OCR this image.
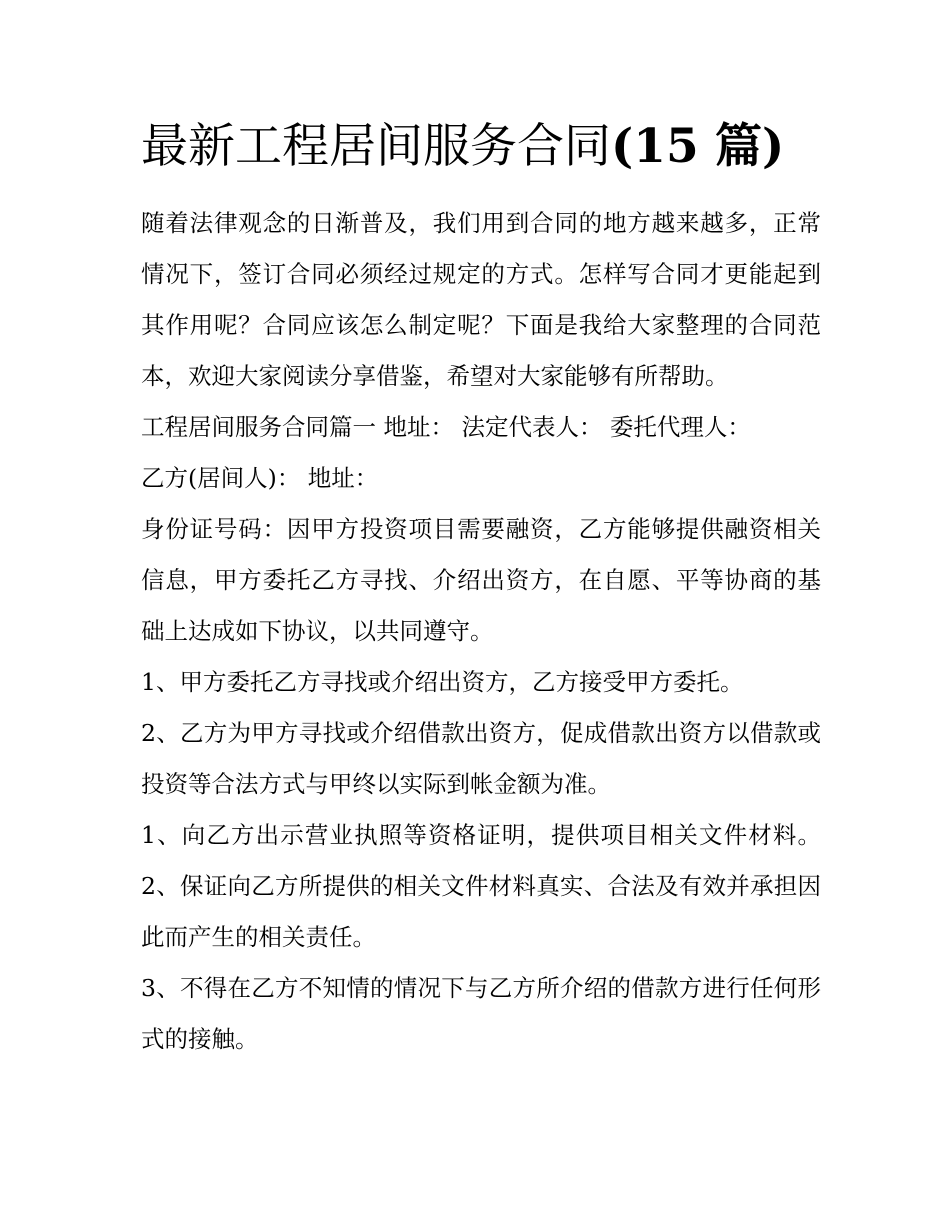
最新工程居间服务合同(15 篇)

随着法律观念的日渐普及，我们用到合同的地方越来越多，正常情况下，签订合同必须经过规定的方式。怎样写合同才更能起到其作用呢？合同应该怎么制定呢？下面是我给大家整理的合同范本，欢迎大家阅读分享借鉴，希望对大家能够有所帮助。

工程居间服务合同篇一 地址： 法定代表人： 委托代理人：

乙方(居间人)： 地址：

身份证号码：因甲方投资项目需要融资，乙方能够提供融资相关信息，甲方委托乙方寻找、介绍出资方，在自愿、平等协商的基础上达成如下协议，以共同遵守。

1、甲方委托乙方寻找或介绍出资方，乙方接受甲方委托。

2、乙方为甲方寻找或介绍借款出资方，促成借款出资方以借款或投资等合法方式与甲终以实际到帐金额为准。

1、向乙方出示营业执照等资格证明，提供项目相关文件材料。 2、保证向乙方所提供的相关文件材料真实、合法及有效并承担因此而产生的相关责任。

3、不得在乙方不知情的情况下与乙方所介绍的借款方进行任何形式的接触。
